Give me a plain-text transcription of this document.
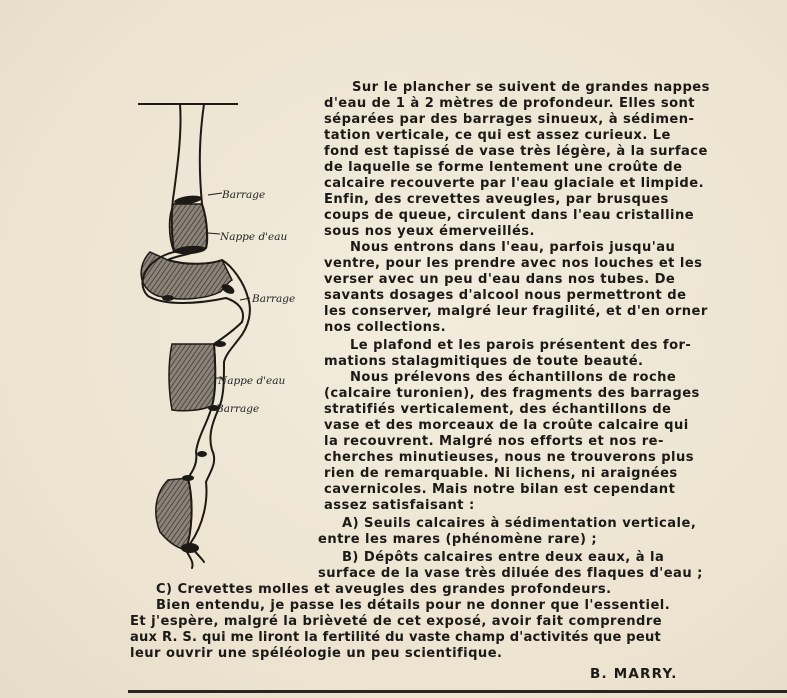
Barrage
Nappe d'eau
Barrage
Nappe d'eau
Barrage

Sur le plancher se suivent de grandes nappes

d'eau de 1 à 2 mètres de profondeur. Elles sont

séparées par des barrages sinueux, à sédimen-

tation verticale, ce qui est assez curieux. Le

fond est tapissé de vase très légère, à la surface

de laquelle se forme lentement une croûte de

calcaire recouverte par l'eau glaciale et limpide.

Enfin, des crevettes aveugles, par brusques

coups de queue, circulent dans l'eau cristalline

sous nos yeux émerveillés.

Nous entrons dans l'eau, parfois jusqu'au

ventre, pour les prendre avec nos louches et les

verser avec un peu d'eau dans nos tubes. De

savants dosages d'alcool nous permettront de

les conserver, malgré leur fragilité, et d'en orner

nos collections.

Le plafond et les parois présentent des for-

mations stalagmitiques de toute beauté.

Nous prélevons des échantillons de roche

(calcaire turonien), des fragments des barrages

stratifiés verticalement, des échantillons de

vase et des morceaux de la croûte calcaire qui

la recouvrent. Malgré nos efforts et nos re-

cherches minutieuses, nous ne trouverons plus

rien de remarquable. Ni lichens, ni araignées

cavernicoles. Mais notre bilan est cependant

assez satisfaisant :

A) Seuils calcaires à sédimentation verticale,

entre les mares (phénomène rare) ;

B) Dépôts calcaires entre deux eaux, à la

surface de la vase très diluée des flaques d'eau ;

C) Crevettes molles et aveugles des grandes profondeurs.

Bien entendu, je passe les détails pour ne donner que l'essentiel.

Et j'espère, malgré la brièveté de cet exposé, avoir fait comprendre

aux R. S. qui me liront la fertilité du vaste champ d'activités que peut

leur ouvrir une spéléologie un peu scientifique.

B. MARRY.
